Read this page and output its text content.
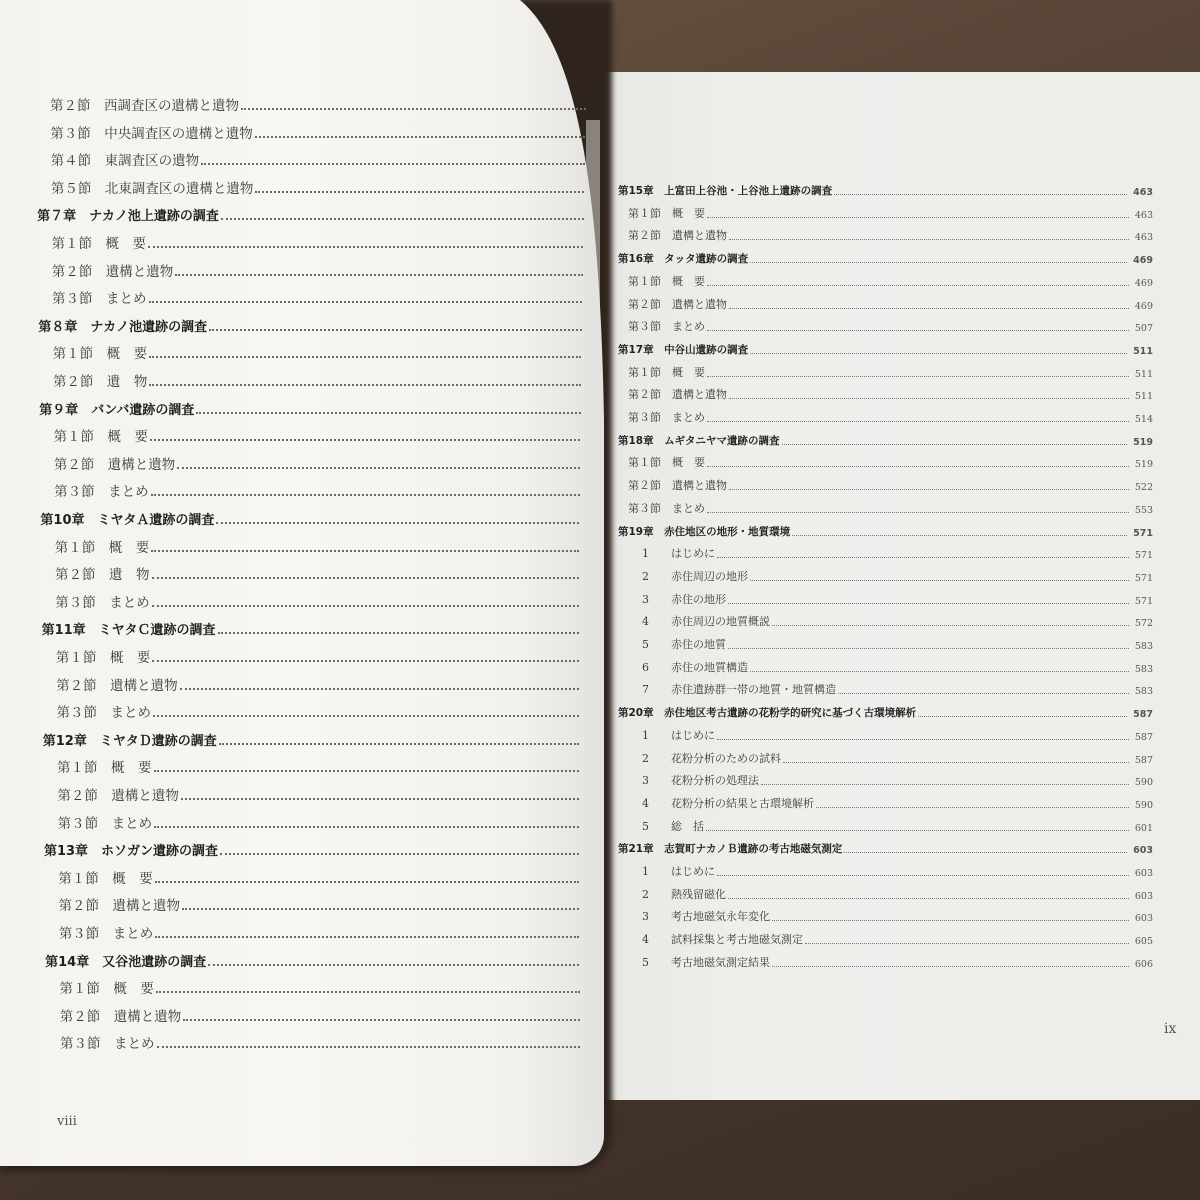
第２節　西調査区の遺構と遺物
第３節　中央調査区の遺構と遺物
第４節　東調査区の遺物
第５節　北東調査区の遺構と遺物
第７章　ナカノ池上遺跡の調査
第１節　概　要
第２節　遺構と遺物
第３節　まとめ
第８章　ナカノ池遺跡の調査
第１節　概　要
第２節　遺　物
第９章　バンバ遺跡の調査
第１節　概　要
第２節　遺構と遺物
第３節　まとめ
第10章　ミヤタＡ遺跡の調査
第１節　概　要
第２節　遺　物
第３節　まとめ
第11章　ミヤタＣ遺跡の調査
第１節　概　要
第２節　遺構と遺物
第３節　まとめ
第12章　ミヤタＤ遺跡の調査
第１節　概　要
第２節　遺構と遺物
第３節　まとめ
第13章　ホソガン遺跡の調査
第１節　概　要
第２節　遺構と遺物
第３節　まとめ
第14章　又谷池遺跡の調査
第１節　概　要
第２節　遺構と遺物
第３節　まとめ
第15章　上富田上谷池・上谷池上遺跡の調査	463
第１節　概　要	463
第２節　遺構と遺物	463
第16章　タッタ遺跡の調査	469
第１節　概　要	469
第２節　遺構と遺物	469
第３節　まとめ	507
第17章　中谷山遺跡の調査	511
第１節　概　要	511
第２節　遺構と遺物	511
第３節　まとめ	514
第18章　ムギタニヤマ遺跡の調査	519
第１節　概　要	519
第２節　遺構と遺物	522
第３節　まとめ	553
第19章　赤住地区の地形・地質環境	571
1　　はじめに	571
2　　赤住周辺の地形	571
3　　赤住の地形	571
4　　赤住周辺の地質概説	572
5　　赤住の地質	583
6　　赤住の地質構造	583
7　　赤住遺跡群一帯の地質・地質構造	583
第20章　赤住地区考古遺跡の花粉学的研究に基づく古環境解析	587
1　　はじめに	587
2　　花粉分析のための試料	587
3　　花粉分析の処理法	590
4　　花粉分析の結果と古環境解析	590
5　　総　括	601
第21章　志賀町ナカノＢ遺跡の考古地磁気測定	603
1　　はじめに	603
2　　熱残留磁化	603
3　　考古地磁気永年変化	603
4　　試料採集と考古地磁気測定	605
5　　考古地磁気測定結果	606
viii
ix
